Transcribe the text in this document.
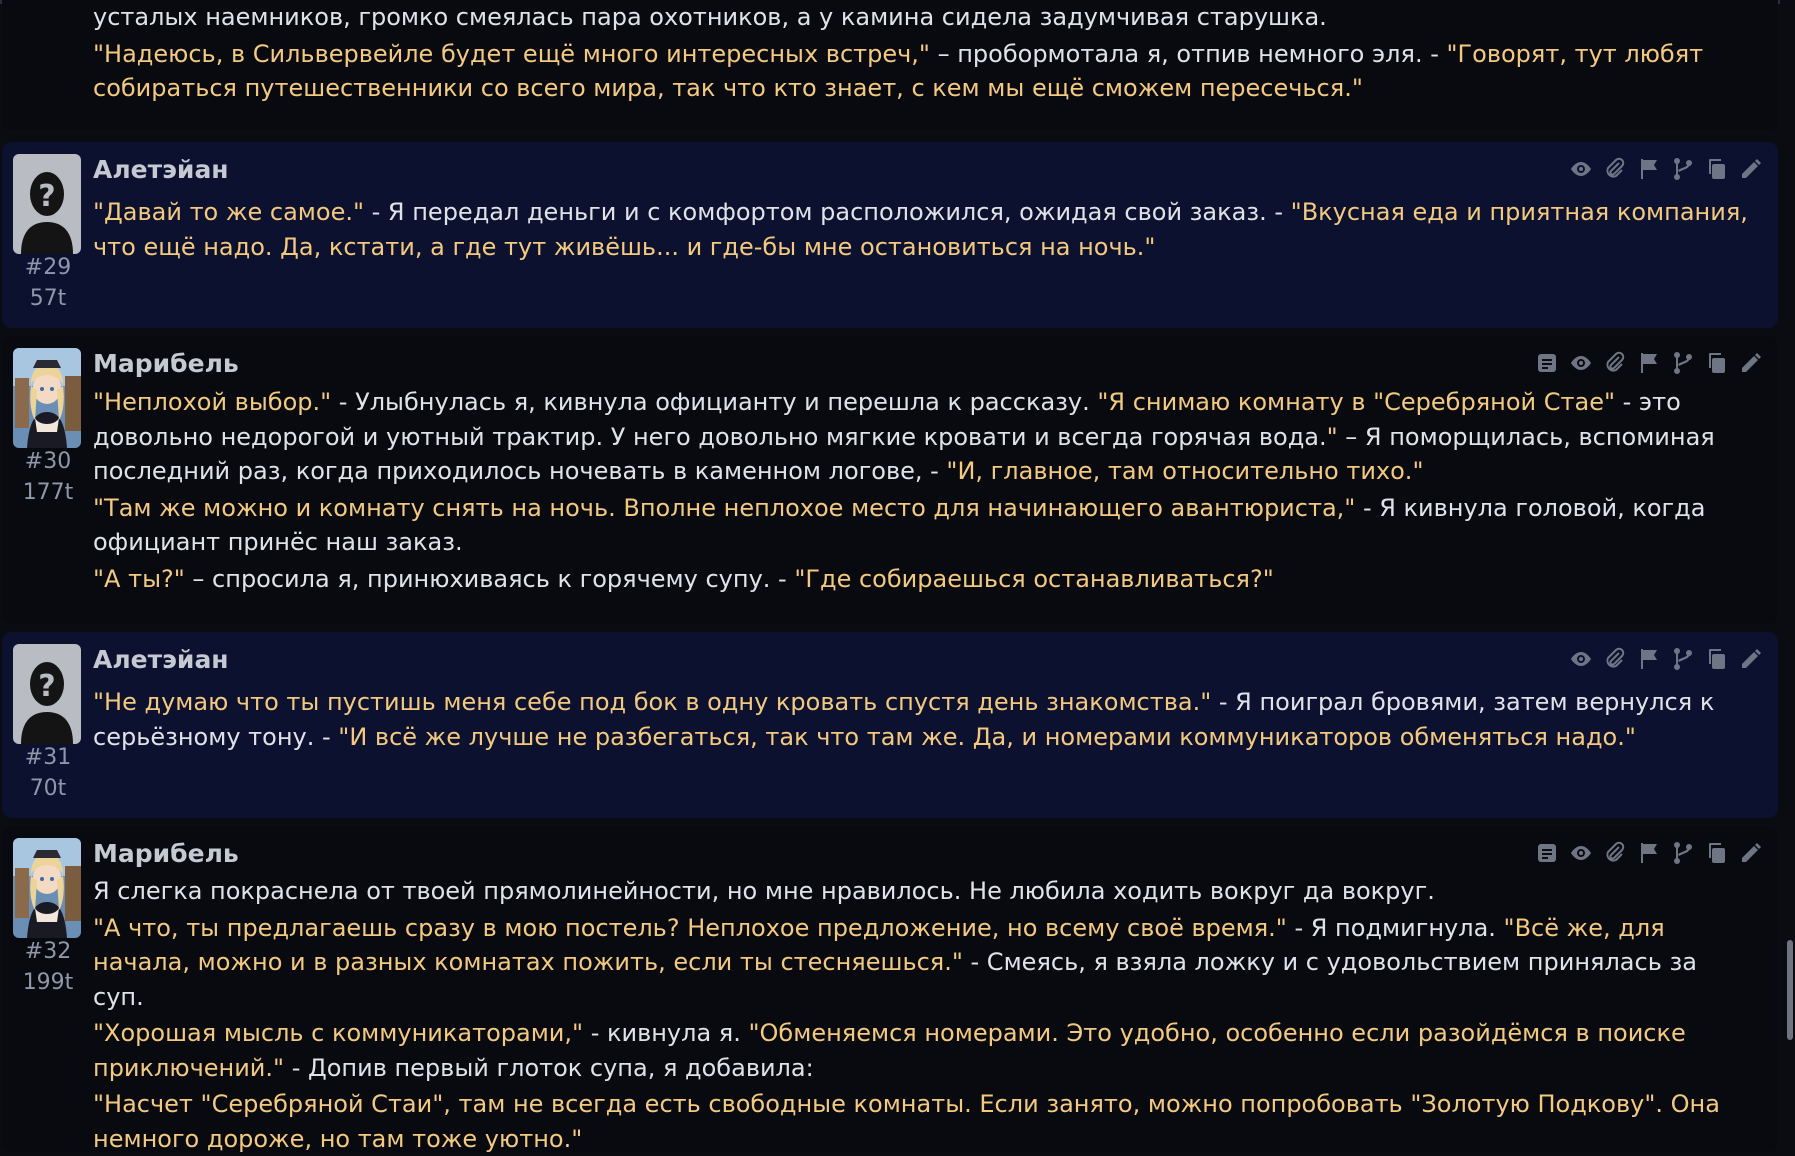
усталых наемников, громко смеялась пара охотников, а у камина сидела задумчивая старушка.

"Надеюсь, в Сильвервейле будет ещё много интересных встреч," – пробормотала я, отпив немного эля. - "Говорят, тут любят собираться путешественники со всего мира, так что кто знает, с кем мы ещё сможем пересечься."

?
#29
57t
Алетэйан

"Давай то же самое." - Я передал деньги и с комфортом расположился, ожидая свой заказ. - "Вкусная еда и приятная компания, что ещё надо. Да, кстати, а где тут живёшь... и где-бы мне остановиться на ночь."

#30
177t
Марибель

"Неплохой выбор." - Улыбнулась я, кивнула официанту и перешла к рассказу. "Я снимаю комнату в "Серебряной Стае" - это довольно недорогой и уютный трактир. У него довольно мягкие кровати и всегда горячая вода." – Я поморщилась, вспоминая последний раз, когда приходилось ночевать в каменном логове, - "И, главное, там относительно тихо."

"Там же можно и комнату снять на ночь. Вполне неплохое место для начинающего авантюриста," - Я кивнула головой, когда официант принёс наш заказ.

"А ты?" – спросила я, принюхиваясь к горячему супу. - "Где собираешься останавливаться?"

?
#31
70t
Алетэйан

"Не думаю что ты пустишь меня себе под бок в одну кровать спустя день знакомства." - Я поиграл бровями, затем вернулся к серьёзному тону. - "И всё же лучше не разбегаться, так что там же. Да, и номерами коммуникаторов обменяться надо."

#32
199t
Марибель

Я слегка покраснела от твоей прямолинейности, но мне нравилось. Не любила ходить вокруг да вокруг.

"А что, ты предлагаешь сразу в мою постель? Неплохое предложение, но всему своё время." - Я подмигнула. "Всё же, для начала, можно и в разных комнатах пожить, если ты стесняешься." - Смеясь, я взяла ложку и с удовольствием принялась за суп.

"Хорошая мысль с коммуникаторами," - кивнула я. "Обменяемся номерами. Это удобно, особенно если разойдёмся в поиске приключений." - Допив первый глоток супа, я добавила:

"Насчет "Серебряной Стаи", там не всегда есть свободные комнаты. Если занято, можно попробовать "Золотую Подкову". Она немного дороже, но там тоже уютно."
